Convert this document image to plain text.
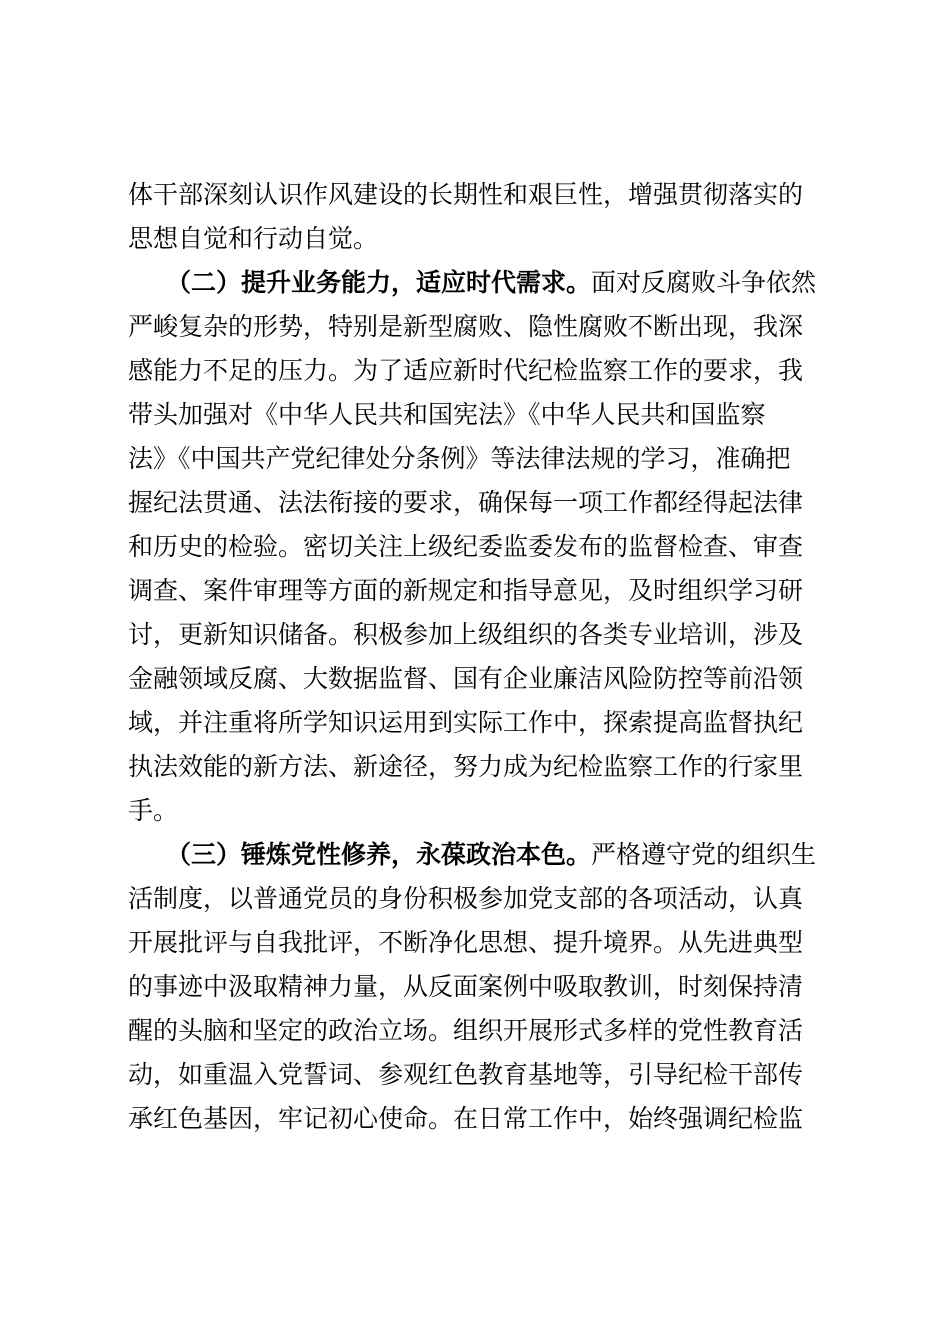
体干部深刻认识作风建设的长期性和艰巨性，增强贯彻落实的
思想自觉和行动自觉。
（二）提升业务能力，适应时代需求。面对反腐败斗争依然
严峻复杂的形势，特别是新型腐败、隐性腐败不断出现，我深
感能力不足的压力。为了适应新时代纪检监察工作的要求，我
带头加强对《中华人民共和国宪法》《中华人民共和国监察
法》《中国共产党纪律处分条例》等法律法规的学习，准确把
握纪法贯通、法法衔接的要求，确保每一项工作都经得起法律
和历史的检验。密切关注上级纪委监委发布的监督检查、审查
调查、案件审理等方面的新规定和指导意见，及时组织学习研
讨，更新知识储备。积极参加上级组织的各类专业培训，涉及
金融领域反腐、大数据监督、国有企业廉洁风险防控等前沿领
域，并注重将所学知识运用到实际工作中，探索提高监督执纪
执法效能的新方法、新途径，努力成为纪检监察工作的行家里
手。
（三）锤炼党性修养，永葆政治本色。严格遵守党的组织生
活制度，以普通党员的身份积极参加党支部的各项活动，认真
开展批评与自我批评，不断净化思想、提升境界。从先进典型
的事迹中汲取精神力量，从反面案例中吸取教训，时刻保持清
醒的头脑和坚定的政治立场。组织开展形式多样的党性教育活
动，如重温入党誓词、参观红色教育基地等，引导纪检干部传
承红色基因，牢记初心使命。在日常工作中，始终强调纪检监
